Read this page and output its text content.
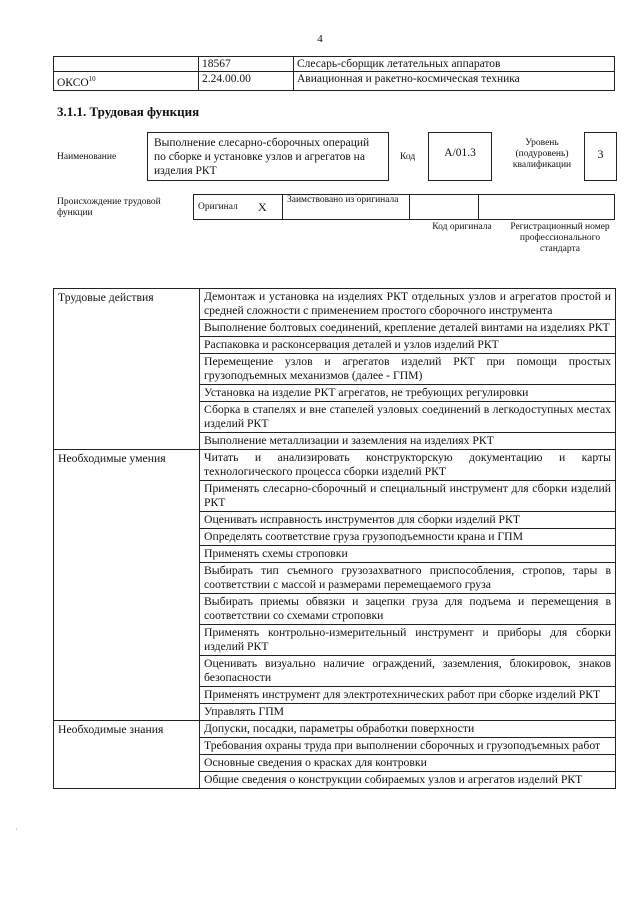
4
	18567	Слесарь-сборщик летательных аппаратов
ОКСО$^{10}$	2.24.00.00	Авиационная и ракетно-космическая техника
3.1.1. Трудовая функция
Наименование
Выполнение слесарно-сборочных операций по сборке и установке узлов и агрегатов на изделия РКТ
Код	А/01.3
Уровень (подуровень) квалификации
3
Происхождение трудовой функции
Оригинал	X	Заимствовано из оригинала		
Код оригинала	Регистрационный номер профессионального стандарта
Трудовые действия	Демонтаж и установка на изделиях РКТ отдельных узлов и агрегатов простой и средней сложности с применением простого сборочного инструмента
	Выполнение болтовых соединений, крепление деталей винтами на изделиях РКТ
	Распаковка и расконсервация деталей и узлов изделий РКТ
	Перемещение узлов и агрегатов изделий РКТ при помощи простых грузоподъемных механизмов (далее - ГПМ)
	Установка на изделие РКТ агрегатов, не требующих регулировки
	Сборка в стапелях и вне стапелей узловых соединений в легкодоступных местах изделий РКТ
	Выполнение металлизации и заземления на изделиях РКТ
Необходимые умения	Читать и анализировать конструкторскую документацию и карты технологического процесса сборки изделий РКТ
	Применять слесарно-сборочный и специальный инструмент для сборки изделий РКТ
	Оценивать исправность инструментов для сборки изделий РКТ
	Определять соответствие груза грузоподъемности крана и ГПМ
	Применять схемы строповки
	Выбирать тип съемного грузозахватного приспособления, стропов, тары в соответствии с массой и размерами перемещаемого груза
	Выбирать приемы обвязки и зацепки груза для подъема и перемещения в соответствии со схемами строповки
	Применять контрольно-измерительный инструмент и приборы для сборки изделий РКТ
	Оценивать визуально наличие ограждений, заземления, блокировок, знаков безопасности
	Применять инструмент для электротехнических работ при сборке изделий РКТ
	Управлять ГПМ
Необходимые знания	Допуски, посадки, параметры обработки поверхности
	Требования охраны труда при выполнении сборочных и грузоподъемных работ
	Основные сведения о красках для контровки
	Общие сведения о конструкции собираемых узлов и агрегатов изделий РКТ
ˌ
